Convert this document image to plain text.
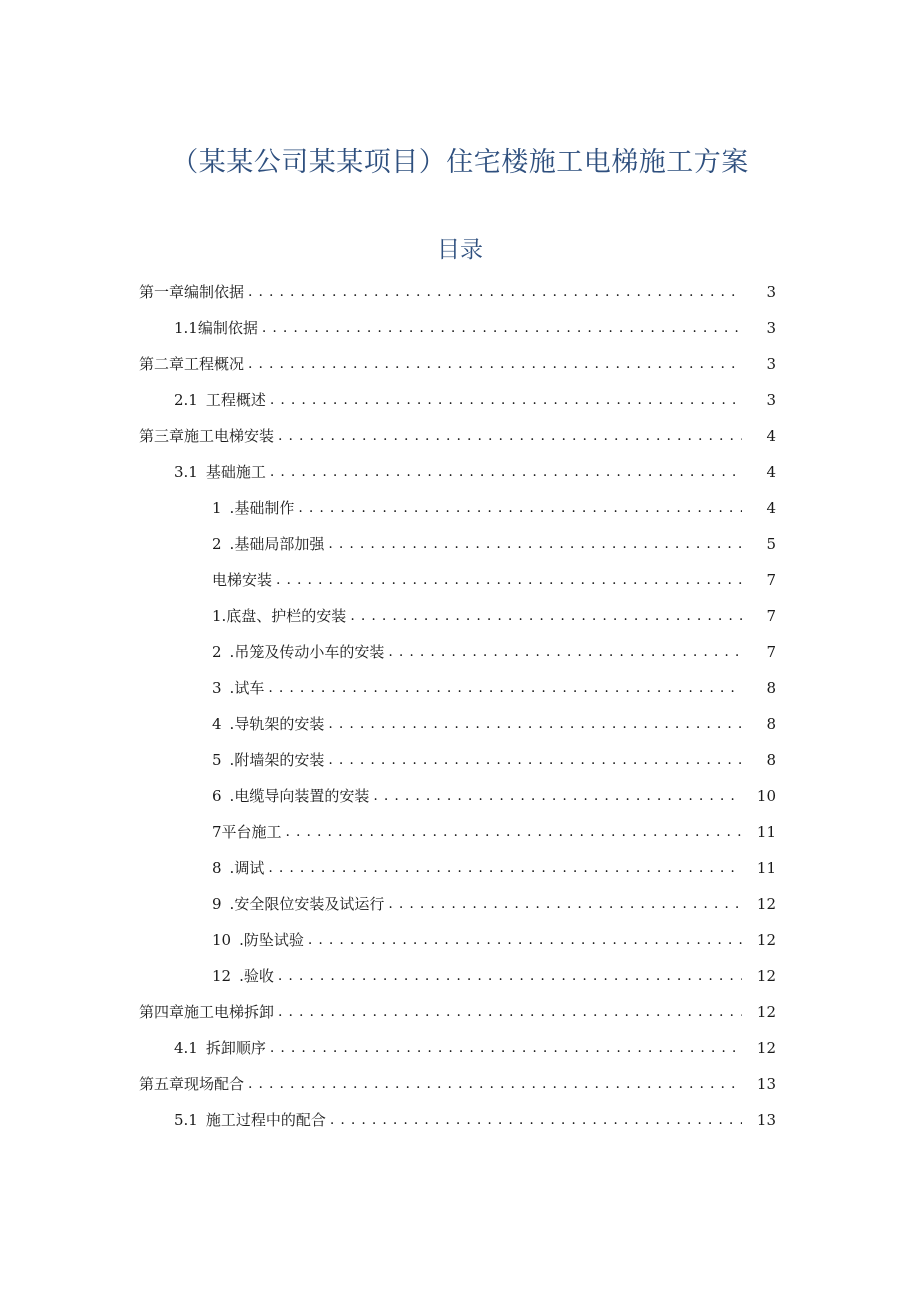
（某某公司某某项目）住宅楼施工电梯施工方案
目录
第一章编制依据 . . .	3
1.1编制依据 . . .	3
第二章工程概况 . . .	3
2.1 工程概述 . . .	3
第三章施工电梯安装 . . .	4
3.1 基础施工 . . .	4
1 .基础制作 . . .	4
2 .基础局部加强 . . .	5
电梯安装 . . .	7
1.底盘、护栏的安装 . . .	7
2 .吊笼及传动小车的安装 . . .	7
3 .试车 . . .	8
4 .导轨架的安装 . . .	8
5 .附墙架的安装 . . .	8
6 .电缆导向装置的安装 . . .	10
7平台施工 . . .	11
8 .调试 . . .	11
9 .安全限位安装及试运行 . . .	12
10 .防坠试验 . . .	12
12 .验收 . . .	12
第四章施工电梯拆卸 . . .	12
4.1 拆卸顺序 . . .	12
第五章现场配合 . . .	13
5.1 施工过程中的配合 . . .	13
